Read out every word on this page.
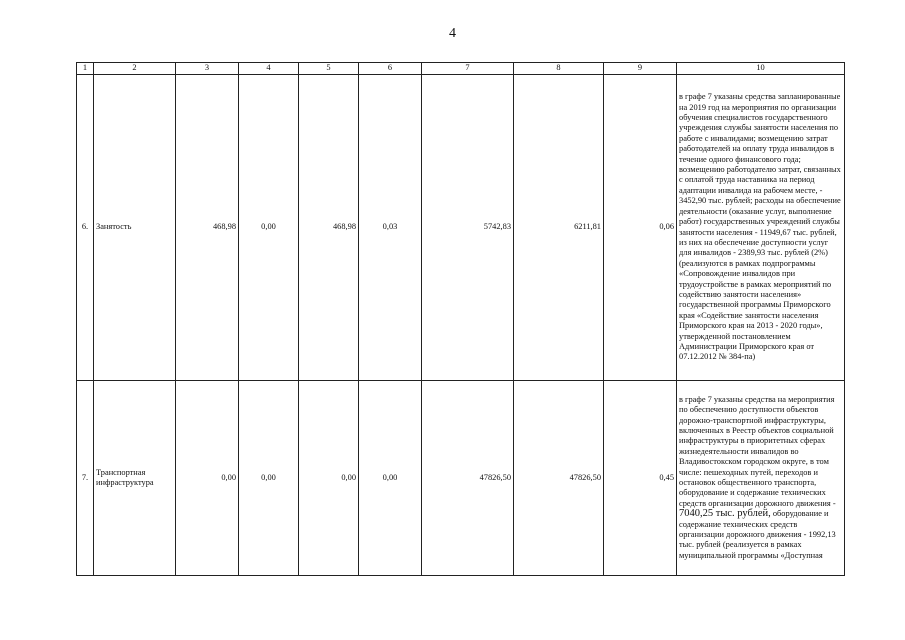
4
1	2	3	4	5	6	7	8	9	10
6.	Занятость	468,98	0,00	468,98	0,03	5742,83	6211,81	0,06	в графе 7 указаны средства запланированные на 2019 год на мероприятия по организации обучения специалистов государственного учреждения службы занятости населения по работе с инвалидами; возмещению затрат работодателей на оплату труда инвалидов в течение одного финансового года; возмещению работодателю затрат, связанных с оплатой труда наставника на период адаптации инвалида на рабочем месте, - 3452,90 тыс. рублей; расходы на обеспечение деятельности (оказание услуг, выполнение работ) государственных учреждений службы занятости населения - 11949,67 тыс. рублей, из них на обеспечение доступности услуг для инвалидов - 2389,93 тыс. рублей (2%) (реализуются в рамках подпрограммы «Сопровождение инвалидов при трудоустройстве в рамках мероприятий по содействию занятости населения» государственной программы Приморского края «Содействие занятости населения Приморского края на 2013 - 2020 годы», утвержденной постановлением Администрации Приморского края от 07.12.2012 № 384-па)
7.	Транспортная инфраструктура	0,00	0,00	0,00	0,00	47826,50	47826,50	0,45	в графе 7 указаны средства на мероприятия по обеспечению доступности объектов дорожно-транспортной инфраструктуры, включенных в Реестр объектов социальной инфраструктуры в приоритетных сферах жизнедеятельности инвалидов во Владивостокском городском округе, в том числе: пешеходных путей, переходов и остановок общественного транспорта, оборудование и содержание технических средств организации дорожного движения - 7040,25 тыс. рублей, оборудование и содержание технических средств организации дорожного движения - 1992,13 тыс. рублей (реализуется в рамках муниципальной программы «Доступная
